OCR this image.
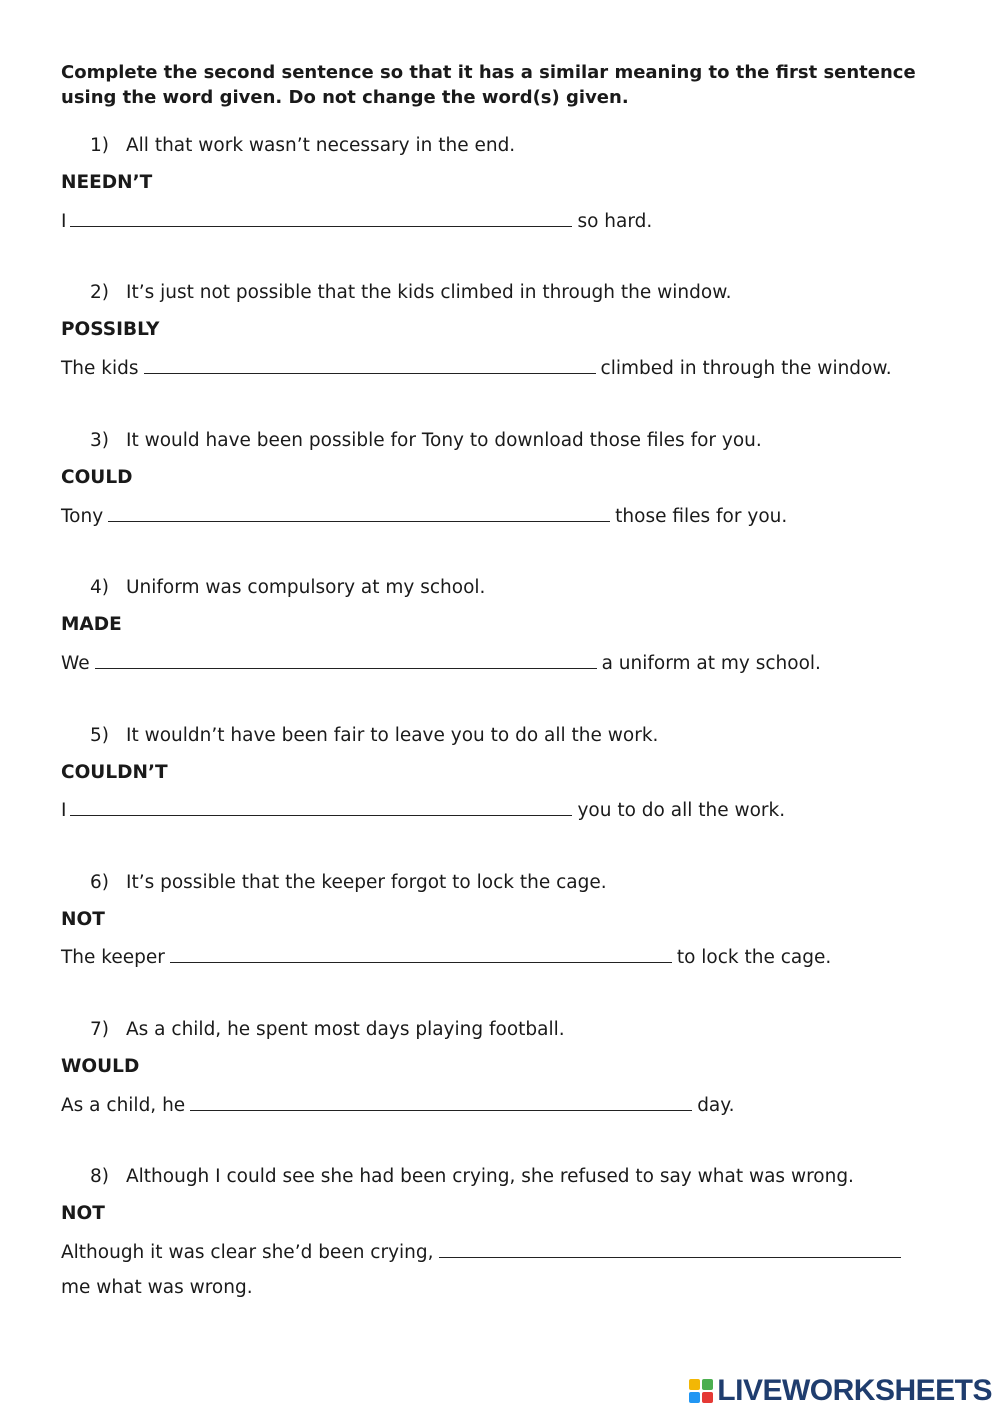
Complete the second sentence so that it has a similar meaning to the first sentence using the word given. Do not change the word(s) given.

1) All that work wasn’t necessary in the end.
NEEDN’T
I	so hard.
2) It’s just not possible that the kids climbed in through the window.
POSSIBLY
The kids	climbed in through the window.
3) It would have been possible for Tony to download those files for you.
COULD
Tony	those files for you.
4) Uniform was compulsory at my school.
MADE
We	a uniform at my school.
5) It wouldn’t have been fair to leave you to do all the work.
COULDN’T
I	you to do all the work.
6) It’s possible that the keeper forgot to lock the cage.
NOT
The keeper	to lock the cage.
7) As a child, he spent most days playing football.
WOULD
As a child, he	day.
8) Although I could see she had been crying, she refused to say what was wrong.
NOT
Although it was clear she’d been crying,
me what was wrong.
LIVEWORKSHEETS
